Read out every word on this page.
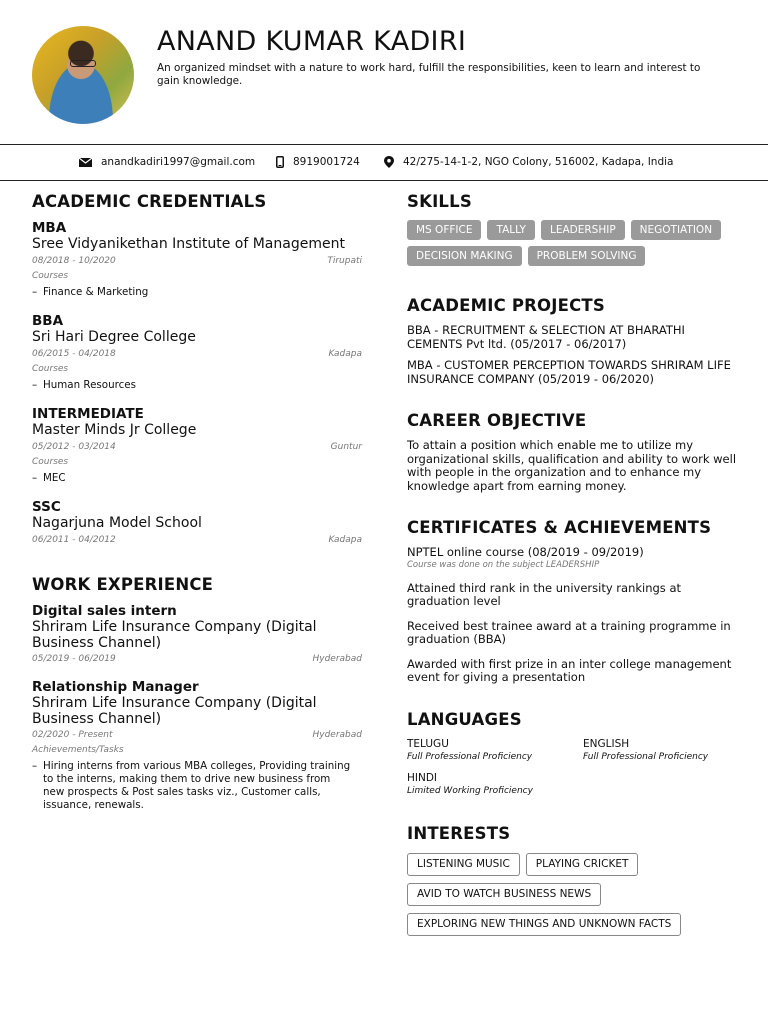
ANAND KUMAR KADIRI
An organized mindset with a nature to work hard, fulfill the responsibilities, keen to learn and interest to gain knowledge.
anandkadiri1997@gmail.com	8919001724	42/275-14-1-2, NGO Colony, 516002, Kadapa, India
ACADEMIC CREDENTIALS
MBA
Sree Vidyanikethan Institute of Management
08/2018 - 10/2020	Tirupati
Courses
– Finance & Marketing
BBA
Sri Hari Degree College
06/2015 - 04/2018	Kadapa
Courses
– Human Resources
INTERMEDIATE
Master Minds Jr College
05/2012 - 03/2014	Guntur
Courses
– MEC
SSC
Nagarjuna Model School
06/2011 - 04/2012	Kadapa
WORK EXPERIENCE
Digital sales intern
Shriram Life Insurance Company (Digital Business Channel)
05/2019 - 06/2019	Hyderabad
Relationship Manager
Shriram Life Insurance Company (Digital Business Channel)
02/2020 - Present	Hyderabad
Achievements/Tasks
– Hiring interns from various MBA colleges, Providing training to the interns, making them to drive new business from new prospects & Post sales tasks viz., Customer calls, issuance, renewals.
SKILLS
MS OFFICE	TALLY	LEADERSHIP	NEGOTIATION
DECISION MAKING	PROBLEM SOLVING
ACADEMIC PROJECTS
BBA - RECRUITMENT & SELECTION AT BHARATHI CEMENTS Pvt ltd. (05/2017 - 06/2017)
MBA - CUSTOMER PERCEPTION TOWARDS SHRIRAM LIFE INSURANCE COMPANY (05/2019 - 06/2020)
CAREER OBJECTIVE
To attain a position which enable me to utilize my organizational skills, qualification and ability to work well with people in the organization and to enhance my knowledge apart from earning money.
CERTIFICATES & ACHIEVEMENTS
NPTEL online course (08/2019 - 09/2019)
Course was done on the subject LEADERSHIP
Attained third rank in the university rankings at graduation level
Received best trainee award at a training programme in graduation (BBA)
Awarded with first prize in an inter college management event for giving a presentation
LANGUAGES
TELUGU
Full Professional Proficiency
ENGLISH
Full Professional Proficiency
HINDI
Limited Working Proficiency
INTERESTS
LISTENING MUSIC	PLAYING CRICKET
AVID TO WATCH BUSINESS NEWS
EXPLORING NEW THINGS AND UNKNOWN FACTS
